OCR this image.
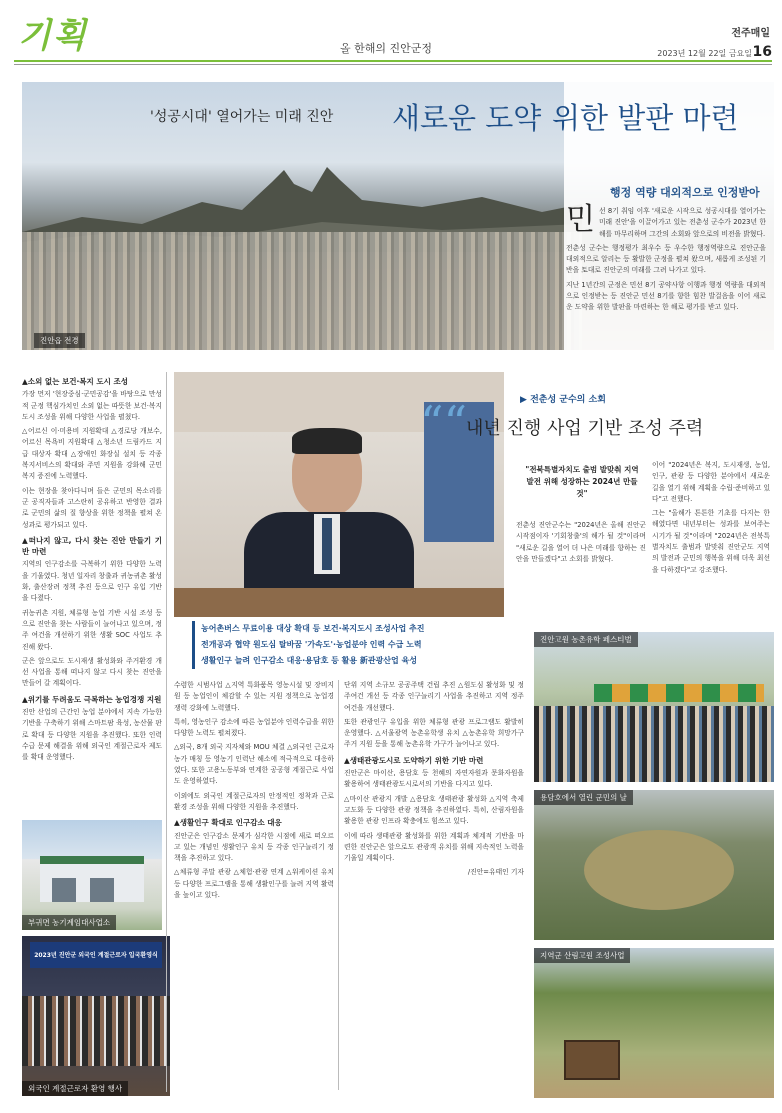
기획	올 한해의 진안군정
전주매일
2023년 12월 22일 금요일 16
진안읍 전경
'성공시대' 열어가는 미래 진안 새로운 도약 위한 발판 마련
행정 역량 대외적으로 인정받아
민 선 8기 취임 이후 '새로운 시작으로 성공시대를 열어가는 미래 진안'을 이끌어가고 있는 전춘성 군수가 2023년 한해를 마무리하며 그간의 소회와 앞으로의 비전을 밝혔다.

전춘성 군수는 행정평가 최우수 등 우수한 행정역량으로 진안군을 대외적으로 알리는 등 활발한 군정을 펼쳐 왔으며, 새롭게 조성된 기반을 토대로 진안군의 미래를 그려 나가고 있다.

지난 1년간의 군정은 민선 8기 공약사항 이행과 행정 역량을 대외적으로 인정받는 등 진안군 민선 8기를 향한 힘찬 발걸음을 이어 새로운 도약을 위한 발판을 마련하는 한 해로 평가를 받고 있다.

▲소외 없는 보건·복지 도시 조성

가장 먼저 '현장중심·군민공감'을 바탕으로 만성적 군정 핵심가치인 소외 없는 따뜻한 보건·복지 도시 조성을 위해 다양한 사업을 펼쳤다.

△어르신 이·미용비 지원확대 △경로당 개보수, 어르신 목욕비 지원확대 △청소년 드림카드 지급 대상자 확대 △장애인 화장실 설치 등 각종 복지서비스의 확대와 주민 지원을 강화해 군민 복지 증진에 노력했다.

이는 현장을 찾아다니며 들은 군민의 목소리를 군 공직자들과 고스란히 공유하고 반영한 결과로 군민의 삶의 질 향상을 위한 정책을 펼쳐 온 성과로 평가되고 있다.

▲떠나지 않고, 다시 찾는 진안 만들기 기반 마련

지역의 인구감소를 극복하기 위한 다양한 노력을 기울였다. 청년 일자리 창출과 귀농귀촌 활성화, 출산장려 정책 추진 등으로 인구 유입 기반을 다졌다.

귀농귀촌 지원, 체류형 농업 기반 시설 조성 등으로 진안을 찾는 사람들이 늘어나고 있으며, 정주 여건을 개선하기 위한 생활 SOC 사업도 추진해 왔다.

군은 앞으로도 도시재생 활성화와 주거환경 개선 사업을 통해 떠나지 않고 다시 찾는 진안을 만들어 갈 계획이다.

▲위기를 두려움도 극복하는 농업경쟁 지원

진안 산업의 근간인 농업 분야에서 지속 가능한 기반을 구축하기 위해 스마트팜 육성, 농산물 판로 확대 등 다양한 지원을 추진했다. 또한 인력 수급 문제 해결을 위해 외국인 계절근로자 제도를 확대 운영했다.

부귀면 농기계임대사업소
2023년 진안군 외국인 계절근로자 입국환영식
외국인 계절근로자 환영 행사
““	▶ 전춘성 군수의 소회
내년 진행 사업 기반 조성 주력
"전북특별자치도 출범 발맞춰 지역발전 위해 성장하는 2024년 만들 것"

전춘성 진안군수는 "2024년은 올해 진안군 시작점이자 '기회창출'의 해가 될 것"이라며 "새로운 길을 열어 더 나은 미래를 향하는 진안을 만들겠다"고 소회를 밝혔다.

이어 "2024년은 복지, 도시재생, 농업, 인구, 관광 등 다양한 분야에서 새로운 길을 열기 위해 계획을 수립·준비하고 있다"고 전했다.

그는 "올해가 튼튼한 기초를 다지는 한 해였다면 내년부터는 성과를 보여주는 시기가 될 것"이라며 "2024년은 전북특별자치도 출범과 발맞춰 진안군도 지역의 발전과 군민의 행복을 위해 더욱 최선을 다하겠다"고 강조했다.

농어촌버스 무료이용 대상 확대 등 보건·복지도시 조성사업 추진
전개공과 협약 원도심 탈바꿈 '가속도'·농업분야 인력 수급 노력
생활인구 늘려 인구감소 대응·용담호 등 활용 新관광산업 육성

수렴한 시범사업 △지역 특화품목 영농시설 및 장비지원 등 농업인이 체감할 수 있는 지원 정책으로 농업경쟁력 강화에 노력했다.

특히, 영농인구 감소에 따른 농업분야 인력수급을 위한 다양한 노력도 펼쳐졌다.

△외국, 8개 외국 지자체와 MOU 체결 △외국인 근로자 농가 매칭 등 영농기 인력난 해소에 적극적으로 대응하였다. 또한 고용노동부와 연계한 공공형 계절근로 사업도 운영하였다.

이외에도 외국인 계절근로자의 안정적인 정착과 근로환경 조성을 위해 다양한 지원을 추진했다.

▲생활인구 확대로 인구감소 대응

진안군은 인구감소 문제가 심각한 시점에 새로 떠오르고 있는 개념인 생활인구 유치 등 각종 인구늘리기 정책을 추진하고 있다.

△체류형 주말 관광 △체험·관광 연계 △워케이션 유치 등 다양한 프로그램을 통해 생활인구를 늘려 지역 활력을 높이고 있다.

단위 지역 소규모 공공주택 건립 추진 △원도심 활성화 및 정주여건 개선 등 각종 인구늘리기 사업을 추진하고 지역 정주여건을 개선했다.

또한 관광인구 유입을 위한 체류형 관광 프로그램도 활발히 운영했다. △서울광역 농촌유학생 유치 △농촌유학 희망가구 주거 지원 등을 통해 농촌유학 가구가 늘어나고 있다.

▲생태관광도시로 도약하기 위한 기반 마련

진안군은 마이산, 용담호 등 천혜의 자연자원과 문화자원을 활용하여 생태관광도시로서의 기반을 다지고 있다.

△마이산 관광지 개발 △용담호 생태관광 활성화 △지역 축제 고도화 등 다양한 관광 정책을 추진하였다. 특히, 산림자원을 활용한 관광 인프라 확충에도 힘쓰고 있다.

이에 따라 생태관광 활성화를 위한 계획과 체계적 기반을 마련한 진안군은 앞으로도 관광객 유치를 위해 지속적인 노력을 기울일 계획이다.

/진안=유태인 기자

진안고원 농촌유학 페스티벌
용담호에서 열린 군민의 날
지역군 산림고원 조성사업
